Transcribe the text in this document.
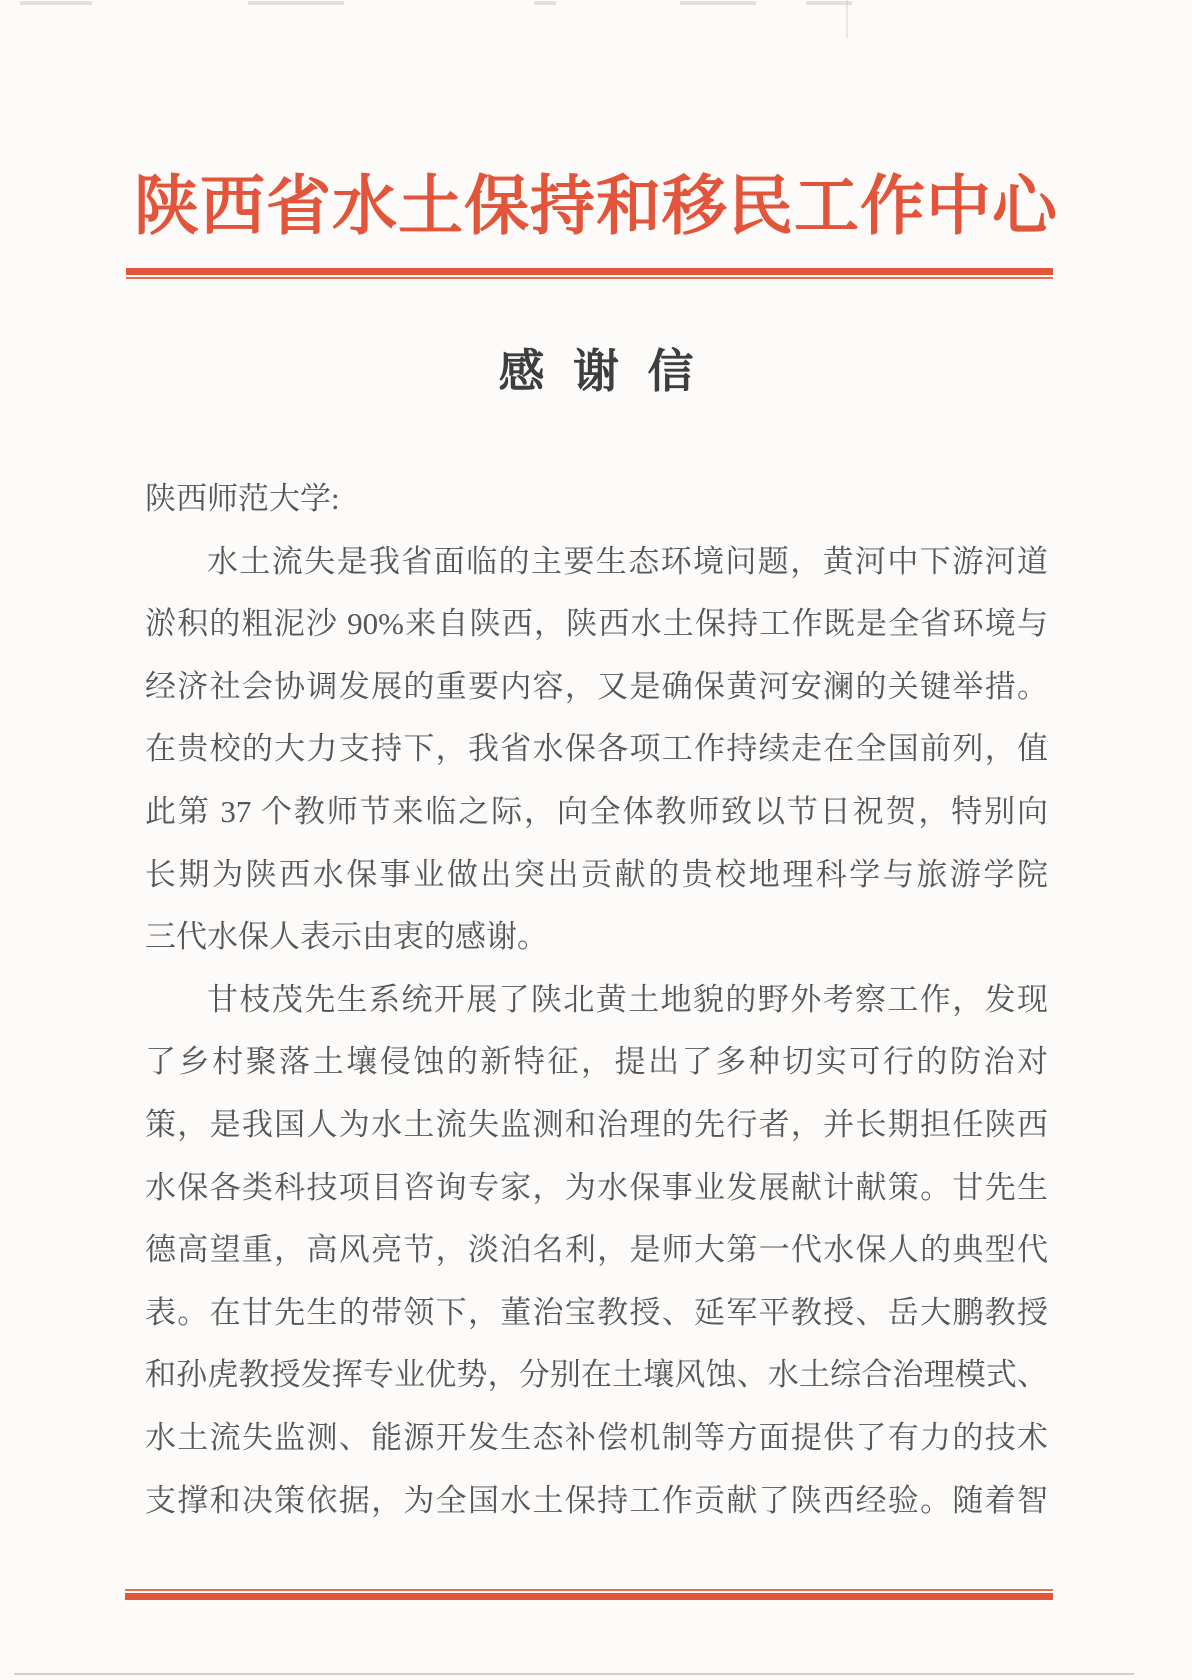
陕西省水土保持和移民工作中心
感谢信
陕西师范大学:
水土流失是我省面临的主要生态环境问题，黄河中下游河道
淤积的粗泥沙 90%来自陕西，陕西水土保持工作既是全省环境与
经济社会协调发展的重要内容，又是确保黄河安澜的关键举措。
在贵校的大力支持下，我省水保各项工作持续走在全国前列，值
此第 37 个教师节来临之际，向全体教师致以节日祝贺，特别向
长期为陕西水保事业做出突出贡献的贵校地理科学与旅游学院
三代水保人表示由衷的感谢。
甘枝茂先生系统开展了陕北黄土地貌的野外考察工作，发现
了乡村聚落土壤侵蚀的新特征，提出了多种切实可行的防治对
策，是我国人为水土流失监测和治理的先行者，并长期担任陕西
水保各类科技项目咨询专家，为水保事业发展献计献策。甘先生
德高望重，高风亮节，淡泊名利，是师大第一代水保人的典型代
表。在甘先生的带领下，董治宝教授、延军平教授、岳大鹏教授
和孙虎教授发挥专业优势，分别在土壤风蚀、水土综合治理模式、
水土流失监测、能源开发生态补偿机制等方面提供了有力的技术
支撑和决策依据，为全国水土保持工作贡献了陕西经验。随着智
